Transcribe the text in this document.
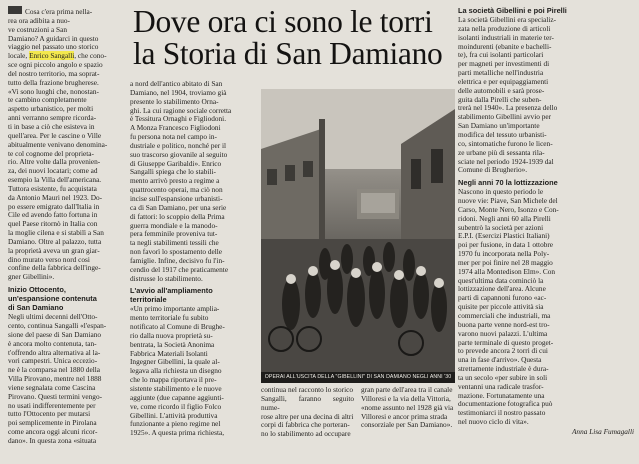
Cosa c'era prima nella-
rea ora adibita a nuo-
ve costruzioni a San
Damiano? A guidarci in questo
viaggio nel passato uno storico
locale, Enrico Sangalli, che cono-
sce ogni piccolo angolo e spazio
del nostro territorio, ma soprat-
tutto della frazione brugherese.
«Vi sono luoghi che, nonostan-
te cambino completamente
aspetto urbanistico, per molti
anni verranno sempre ricorda-
ti in base a ciò che esisteva in
quell'area. Per le cascine o Ville
abitualmente venivano denomina-
te col cognome del proprieta-
rio. Altre volte dalla provenien-
za, dei nuovi locatari; come ad
esempio la Villa dell'americana.
Tuttora esistente, fu acquistata
da Antonio Mauri nel 1923. Do-
po essere emigrato dall'Italia in
Cile ed avendo fatto fortuna in
quel Paese ritornò in Italia con
la moglie cilena e si stabilì a San
Damiano. Oltre al palazzo, tutta
la proprietà aveva un gran giar-
dino murato verso nord cosi
confine della fabbrica dell'inge-
gner Gibellini».

Inizio Ottocento,
un'espansione contenuta
di San Damiano
Negli ultimi decenni dell'Otto-
cento, continua Sangalli «l'espan-
sione del paese di San Damiano
è ancora molto contenuta, tan-
t'offrendo altra alternativa al la-
vori campestri. Unica eccezio-
ne è la comparsa nel 1880 della
Villa Pirovano, mentre nel 1888
viene segnalata come Cascina
Pirovano. Questi termini vengo-
no usati indifferentemente per
tutto l'Ottocento per mutarsi
poi semplicemente in Pirolana
come ancora oggi alcuni ricor-
dano». In questa zona «situata
Dove ora ci sono le torri
la Storia di San Damiano
a nord dell'antico abitato di San
Damiano, nel 1904, troviamo già
presente lo stabilimento Orna-
ghi. La cui ragione sociale corretta
è Tessitura Ornaghi e Figliodoni.
A Monza Francesco Figliodoni
fu persona nota nel campo in-
dustriale e politico, nonché per il
suo trascorso giovanile al seguito
di Giuseppe Garibaldi». Enrico
Sangalli spiega che lo stabili-
mento arrivò presto a regime a
quattrocento operai, ma ciò non
incise sull'espansione urbanisti-
ca di San Damiano, per una serie
di fattori: lo scoppio della Prima
guerra mondiale e la manodo-
pera femminile proveniva tut-
ta negli stabilimenti tessili che
non favorì lo spostamento delle
famiglie. Infine, decisivo fu l'in-
cendio del 1917 che praticamente
distrusse lo stabilimento.

L'avvio all'ampliamento
territoriale
«Un primo importante amplia-
mento territoriale fu subito
notificato al Comune di Brughe-
rio dalla nuova proprietà su-
bentrata, la Società Anonima
Fabbrica Materiali Isolanti
Ingegner Gibellini, la quale al-
legava alla richiesta un disegno
che lo mappa riportava il pre-
sistente stabilimento e le nuove
aggiunte (due capanne aggiunti-
ve, come ricordo il figlio Folco
Gibellini. L'attività produttiva
funzionante a pieno regime nel
1925». A questa prima richiesta,
OPERAI ALL'USCITA DELLA "GIBELLINI" DI SAN DAMIANO NEGLI ANNI '30
continua nel racconto lo storico
Sangalli, faranno seguito nume-
rose altre per una decina di altri
corpi di fabbrica che porteran-
no lo stabilimento ad occupare
gran parte dell'area tra il canale
Villoresi e la via della Vittoria,
«nome assunto nel 1928 già via
Villoresi e ancor prima strada
consorziale per San Damiano».
La società Gibellini e poi Pirelli
La società Gibellini era specializ-
zata nella produzione di articoli
isolanti industriali in materie ter-
moindurenti (ebanite e bachelli-
te), fra cui isolanti particolari
per magneti per investimenti di
parti metalliche nell'industria
elettrica e per equipaggiamenti
delle automobili e sarà prose-
guita dalla Pirelli che suben-
trerà nel 1940». La presenza dello
stabilimento Gibellini avvio per
San Damiano un'importante
modifica del tessuto urbanisti-
co, sintomatiche furono le licen-
ze urbane più di sessanta rila-
sciate nel periodo 1924-1939 dal
Comune di Brugherio».

Negli anni 70 la lottizzazione
Nascono in questo periodo le
nuove vie: Piave, San Michele del
Carso, Monte Nero, Isonzo e Con-
ridoni. Negli anni 60 alla Pirelli
subentrò la società per azioni
E.P.I. (Esercizi Plastici Italiani)
poi per fusione, in data 1 ottobre
1970 fu incorporata nella Poly-
mer per poi finire nel 28 maggio
1974 alla Montedison Elm». Con
quest'ultima data cominciò la
lottizzazione dell'area. Alcune
parti di capannoni furono «ac-
quisite per piccole attività sia
commerciali che industriali, ma
buona parte venne nord-est tro-
varono nuovi palazzi. L'ultima
parte terminale di questo proget-
to prevede ancora 2 torri di cui
una in fase d'arrivo». Questa
strettamente industriale è dura-
ta un secolo «per subire in soli
ventanni una radicale trasfor-
mazione. Fortunatamente una
documentazione fotografica può
testimoniarci il nostro passato
nel nuovo ciclo di vita».

Anna Lisa Fumagalli
